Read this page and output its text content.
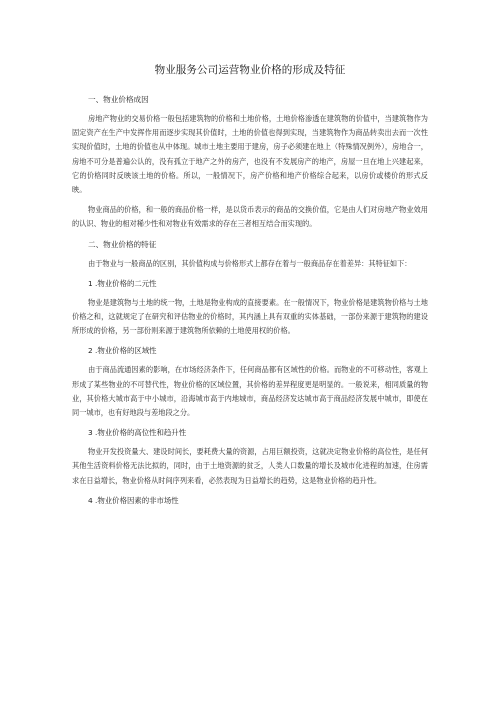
物业服务公司运营物业价格的形成及特征
一、物业价格成因

房地产物业的交易价格一般包括建筑物的价格和土地价格，土地价格渗透在建筑物的价值中，当建筑物作为固定资产在生产中发挥作用而逐步实现其价值时，土地的价值也得到实现，当建筑物作为商品转卖出去而一次性实现价值时，土地的价值也从中体现。城市土地主要用于建房，房子必须建在地上（特殊情况例外），房地合一，房地不可分是普遍公认的，没有孤立于地产之外的房产，也没有不发展房产的地产，房屋一旦在地上兴建起来，它的价格同时反映该土地的价格。所以，一般情况下，房产价格和地产价格综合起来，以房价或楼价的形式反映。

物业商品的价格，和一般的商品价格一样，是以货币表示的商品的交换价值，它是由人们对房地产物业效用的认识、物业的相对稀少性和对物业有效需求的存在三者相互结合而实现的。

二、物业价格的特征

由于物业与一般商品的区别，其价值构成与价格形式上都存在着与一般商品存在着差异：其特征如下：

1 .物业价格的二元性

物业是建筑物与土地的统一物，土地是物业构成的直接要素。在一般情况下，物业价格是建筑物价格与土地价格之和，这就规定了在研究和评估物业的价格时，其内涵上具有双重的实体基础，一部份来源于建筑物的建设所形成的价格，另一部份则来源于建筑物所依赖的土地使用权的价格。

2 .物业价格的区域性

由于商品流通因素的影响，在市场经济条件下，任何商品都有区域性的价格。而物业的不可移动性，客观上形成了某些物业的不可替代性，物业价格的区域位置，其价格的差异程度更是明显的。一般说来，相同质量的物业，其价格大城市高于中小城市，沿海城市高于内地城市，商品经济发达城市高于商品经济发展中城市，即使在同一城市，也有好地段与差地段之分。

3 .物业价格的高位性和趋升性

物业开发投资量大、建设时间长，要耗费大量的资源，占用巨额投资，这就决定物业价格的高位性，是任何其他生活资料价格无法比拟的，同时，由于土地资源的贫乏，人类人口数量的增长及城市化进程的加速，住房需求在日益增长，物业价格从时间序列来看，必然表现为日益增长的趋势，这是物业价格的趋升性。

4 .物业价格因素的非市场性
